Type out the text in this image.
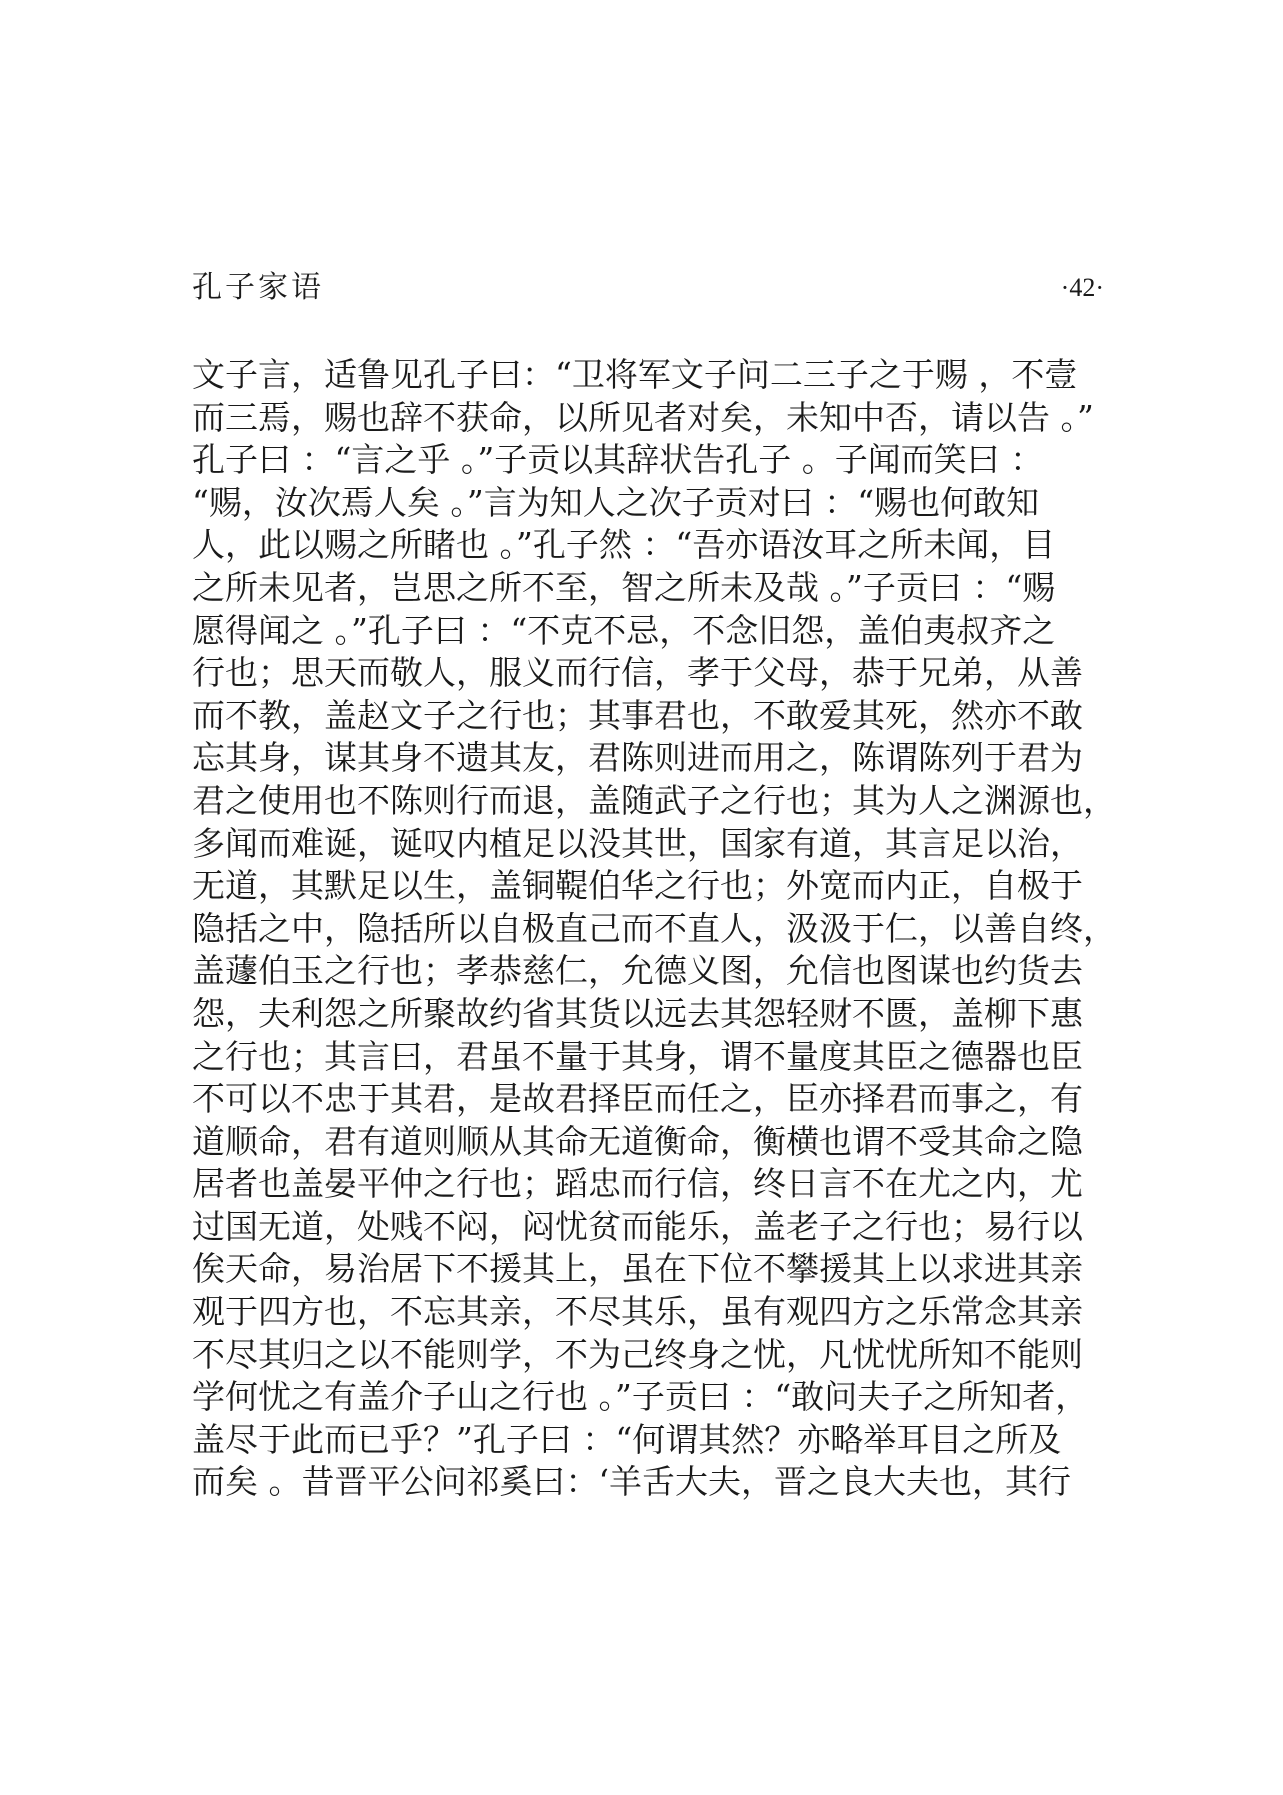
孔子家语	·42·
文子言，适鲁见孔子曰：“卫将军文子问二三子之于赐 ，不壹
而三焉，赐也辞不获命，以所见者对矣，未知中否，请以告 。”
孔子曰 ：“言之乎 。”子贡以其辞状告孔子 。子闻而笑曰 ：
“赐，汝次焉人矣 。”言为知人之次子贡对曰 ：“赐也何敢知
人，此以赐之所睹也 。”孔子然 ：“吾亦语汝耳之所未闻，目
之所未见者，岂思之所不至，智之所未及哉 。”子贡曰 ：“赐
愿得闻之 。”孔子曰 ：“不克不忌，不念旧怨，盖伯夷叔齐之
行也；思天而敬人，服义而行信，孝于父母，恭于兄弟，从善
而不教，盖赵文子之行也；其事君也，不敢爱其死，然亦不敢
忘其身，谋其身不遗其友，君陈则进而用之，陈谓陈列于君为
君之使用也不陈则行而退，盖随武子之行也；其为人之渊源也，
多闻而难诞，诞叹内植足以没其世，国家有道，其言足以治，
无道，其默足以生，盖铜鞮伯华之行也；外宽而内正，自极于
隐括之中，隐括所以自极直己而不直人，汲汲于仁，以善自终，
盖蘧伯玉之行也；孝恭慈仁，允德义图，允信也图谋也约货去
怨，夫利怨之所聚故约省其货以远去其怨轻财不匮，盖柳下惠
之行也；其言曰，君虽不量于其身，谓不量度其臣之德器也臣
不可以不忠于其君，是故君择臣而任之，臣亦择君而事之，有
道顺命，君有道则顺从其命无道衡命，衡横也谓不受其命之隐
居者也盖晏平仲之行也；蹈忠而行信，终日言不在尤之内，尤
过国无道，处贱不闷，闷忧贫而能乐，盖老子之行也；易行以
俟天命，易治居下不援其上，虽在下位不攀援其上以求进其亲
观于四方也，不忘其亲，不尽其乐，虽有观四方之乐常念其亲
不尽其归之以不能则学，不为己终身之忧，凡忧忧所知不能则
学何忧之有盖介子山之行也 。”子贡曰 ：“敢问夫子之所知者，
盖尽于此而已乎？”孔子曰 ：“何谓其然？亦略举耳目之所及
而矣 。昔晋平公问祁奚曰：‘羊舌大夫，晋之良大夫也，其行
